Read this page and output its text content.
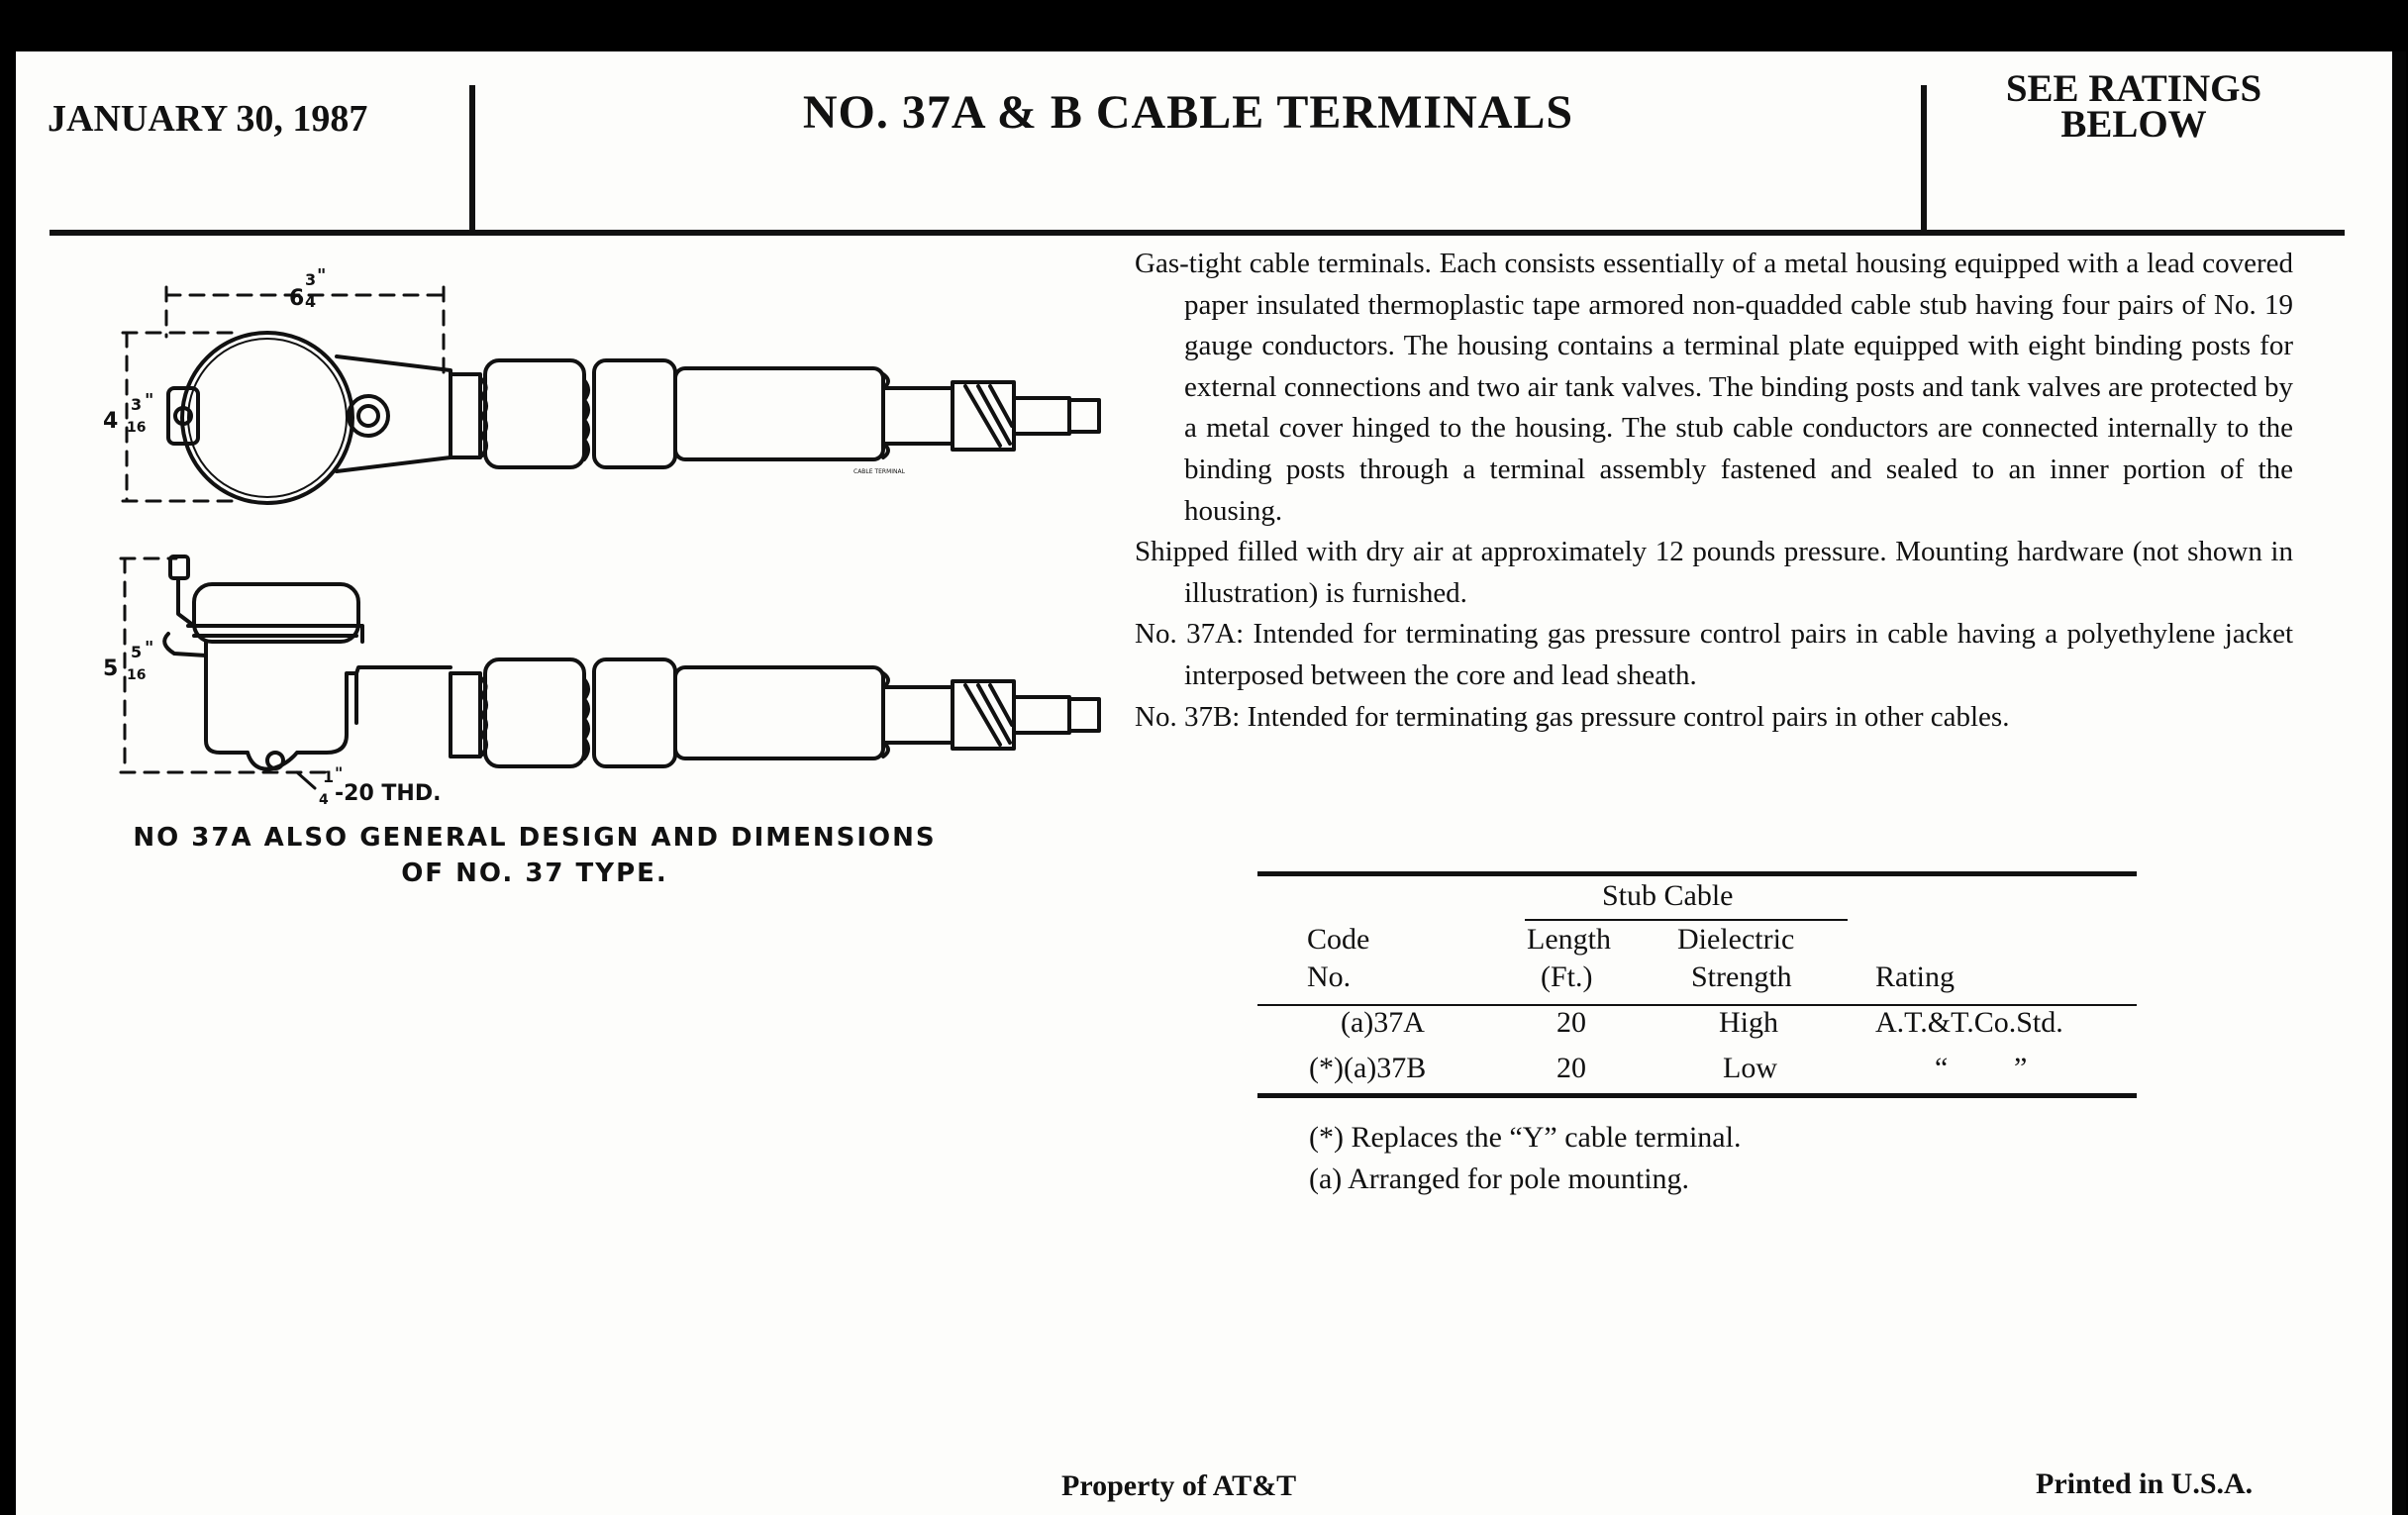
JANUARY 30, 1987	NO. 37A & B CABLE TERMINALS	SEE RATINGS
BELOW

Gas-tight cable terminals. Each consists essentially of a metal housing equipped with a lead covered paper insulated thermoplastic tape armored non-quadded cable stub having four pairs of No. 19 gauge conductors. The housing contains a terminal plate equipped with eight binding posts for external connections and two air tank valves. The binding posts and tank valves are protected by a metal cover hinged to the housing. The stub cable conductors are connected internally to the binding posts through a terminal assembly fastened and sealed to an inner portion of the housing.

Shipped filled with dry air at approximately 12 pounds pressure. Mounting hardware (not shown in illustration) is furnished.

No. 37A: Intended for terminating gas pressure control pairs in cable having a polyethylene jacket interposed between the core and lead sheath.

No. 37B: Intended for terminating gas pressure control pairs in other cables.

6
3
4
"
4
3
16
"
5
5
16
"
1
4
"
-20 THD.
CABLE TERMINAL
NO 37A ALSO GENERAL DESIGN AND DIMENSIONS
OF NO. 37 TYPE.
Stub Cable
Code
No.
Length
(Ft.)
Dielectric
Strength	Rating
(a)37A	20	High	A.T.&T.Co.Std.
(*)(a)37B	20	Low	“ ”
(*) Replaces the “Y” cable terminal.
(a) Arranged for pole mounting.
Property of AT&T	Printed in U.S.A.
